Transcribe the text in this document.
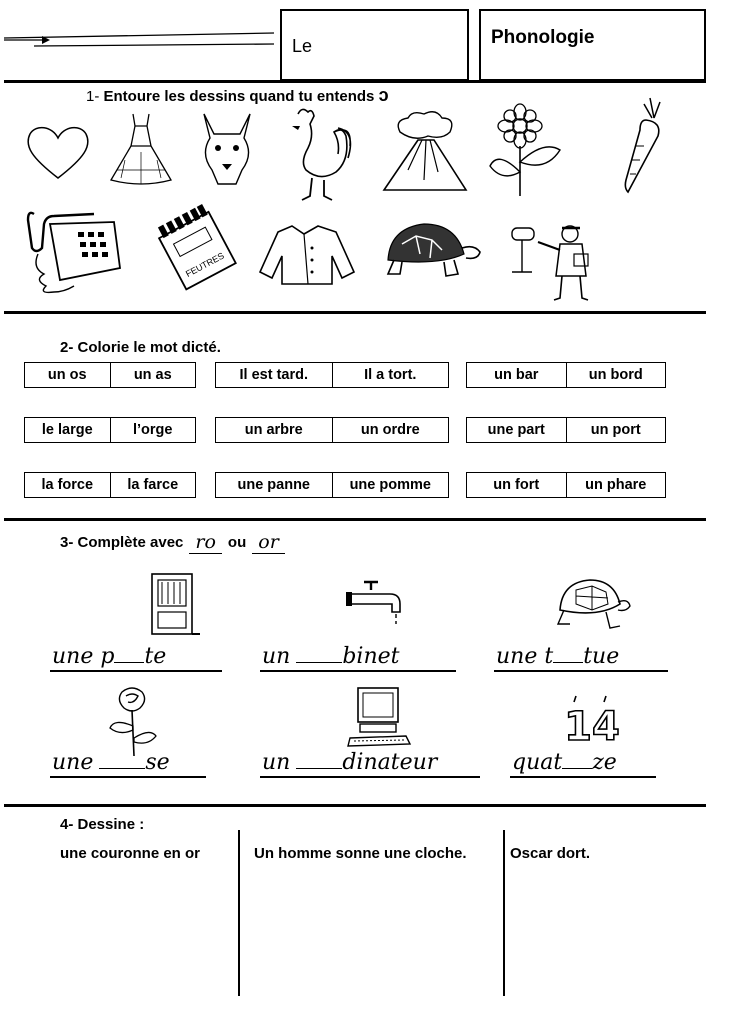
Le	Phonologie
1- Entoure les dessins quand tu entends ɔ
FEUTRES
2- Colorie le mot dicté.
un os	un as	Il est tard.	Il a tort.	un bar	un bord
le large	l’orge	un arbre	un ordre	une part	un port
la force	la farce	une panne	une pomme	un fort	un phare
3- Complète avec ro ou or
14
une p te	un binet	une t tue
une se	un dinateur	quat ze
4- Dessine :
une couronne en or	Un homme sonne une cloche.	Oscar dort.
